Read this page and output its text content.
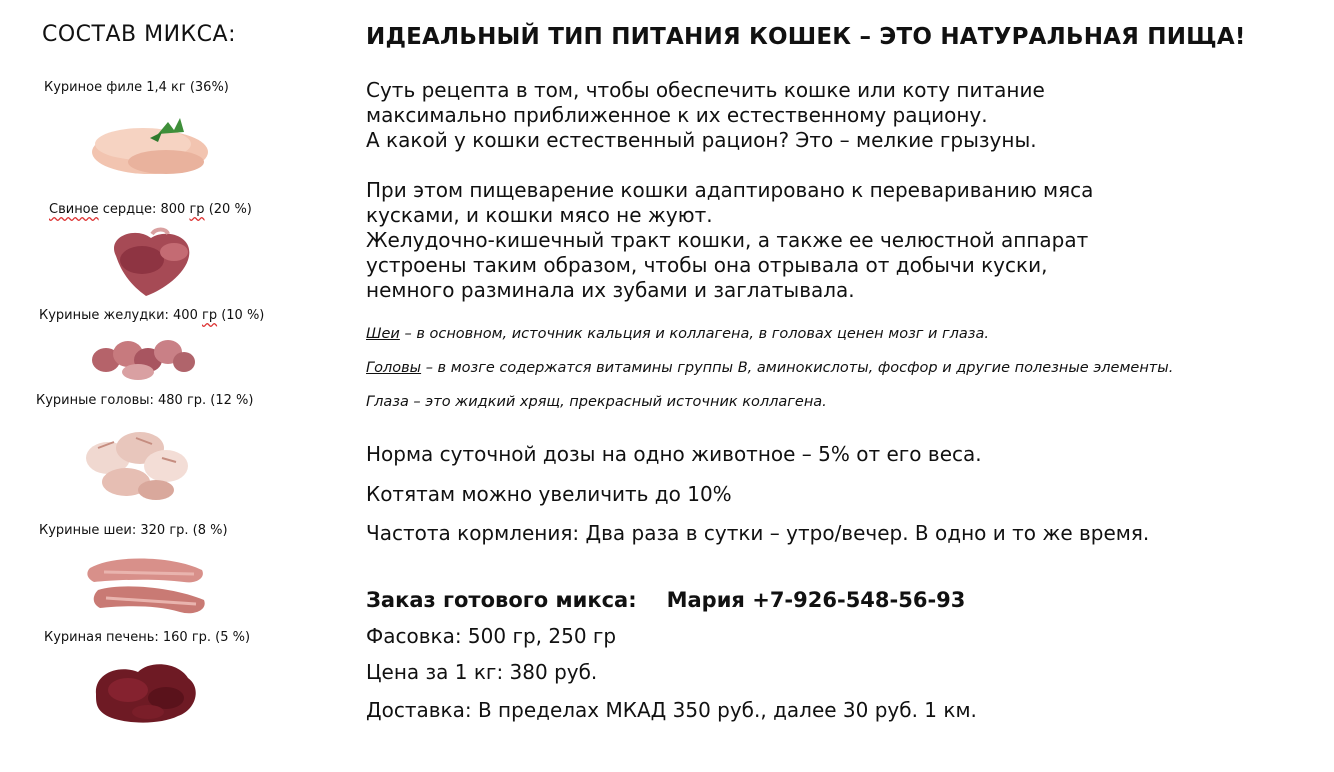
СОСТАВ МИКСА:
Куриное филе 1,4 кг (36%)
Свиное сердце: 800 гр (20 %)
Куриные желудки: 400 гр (10 %)
Куриные головы: 480 гр. (12 %)
Куриные шеи: 320 гр. (8 %)
Куриная печень: 160 гр. (5 %)
ИДЕАЛЬНЫЙ ТИП ПИТАНИЯ КОШЕК – ЭТО НАТУРАЛЬНАЯ ПИЩА!
Суть рецепта в том, чтобы обеспечить кошке или коту питание
максимально приближенное к их естественному рациону.
А какой у кошки естественный рацион? Это – мелкие грызуны.
При этом пищеварение кошки адаптировано к перевариванию мяса
кусками, и кошки мясо не жуют.
Желудочно-кишечный тракт кошки, а также ее челюстной аппарат
устроены таким образом, чтобы она отрывала от добычи куски,
немного разминала их зубами и заглатывала.
Шеи – в основном, источник кальция и коллагена, в головах ценен мозг и глаза.
Головы – в мозге содержатся витамины группы В, аминокислоты, фосфор и другие полезные элементы.
Глаза – это жидкий хрящ, прекрасный источник коллагена.
Норма суточной дозы на одно животное – 5% от его веса.
Котятам можно увеличить до 10%
Частота кормления: Два раза в сутки – утро/вечер. В одно и то же время.
Заказ готового микса: Мария +7-926-548-56-93
Фасовка: 500 гр, 250 гр
Цена за 1 кг: 380 руб.
Доставка: В пределах МКАД 350 руб., далее 30 руб. 1 км.
